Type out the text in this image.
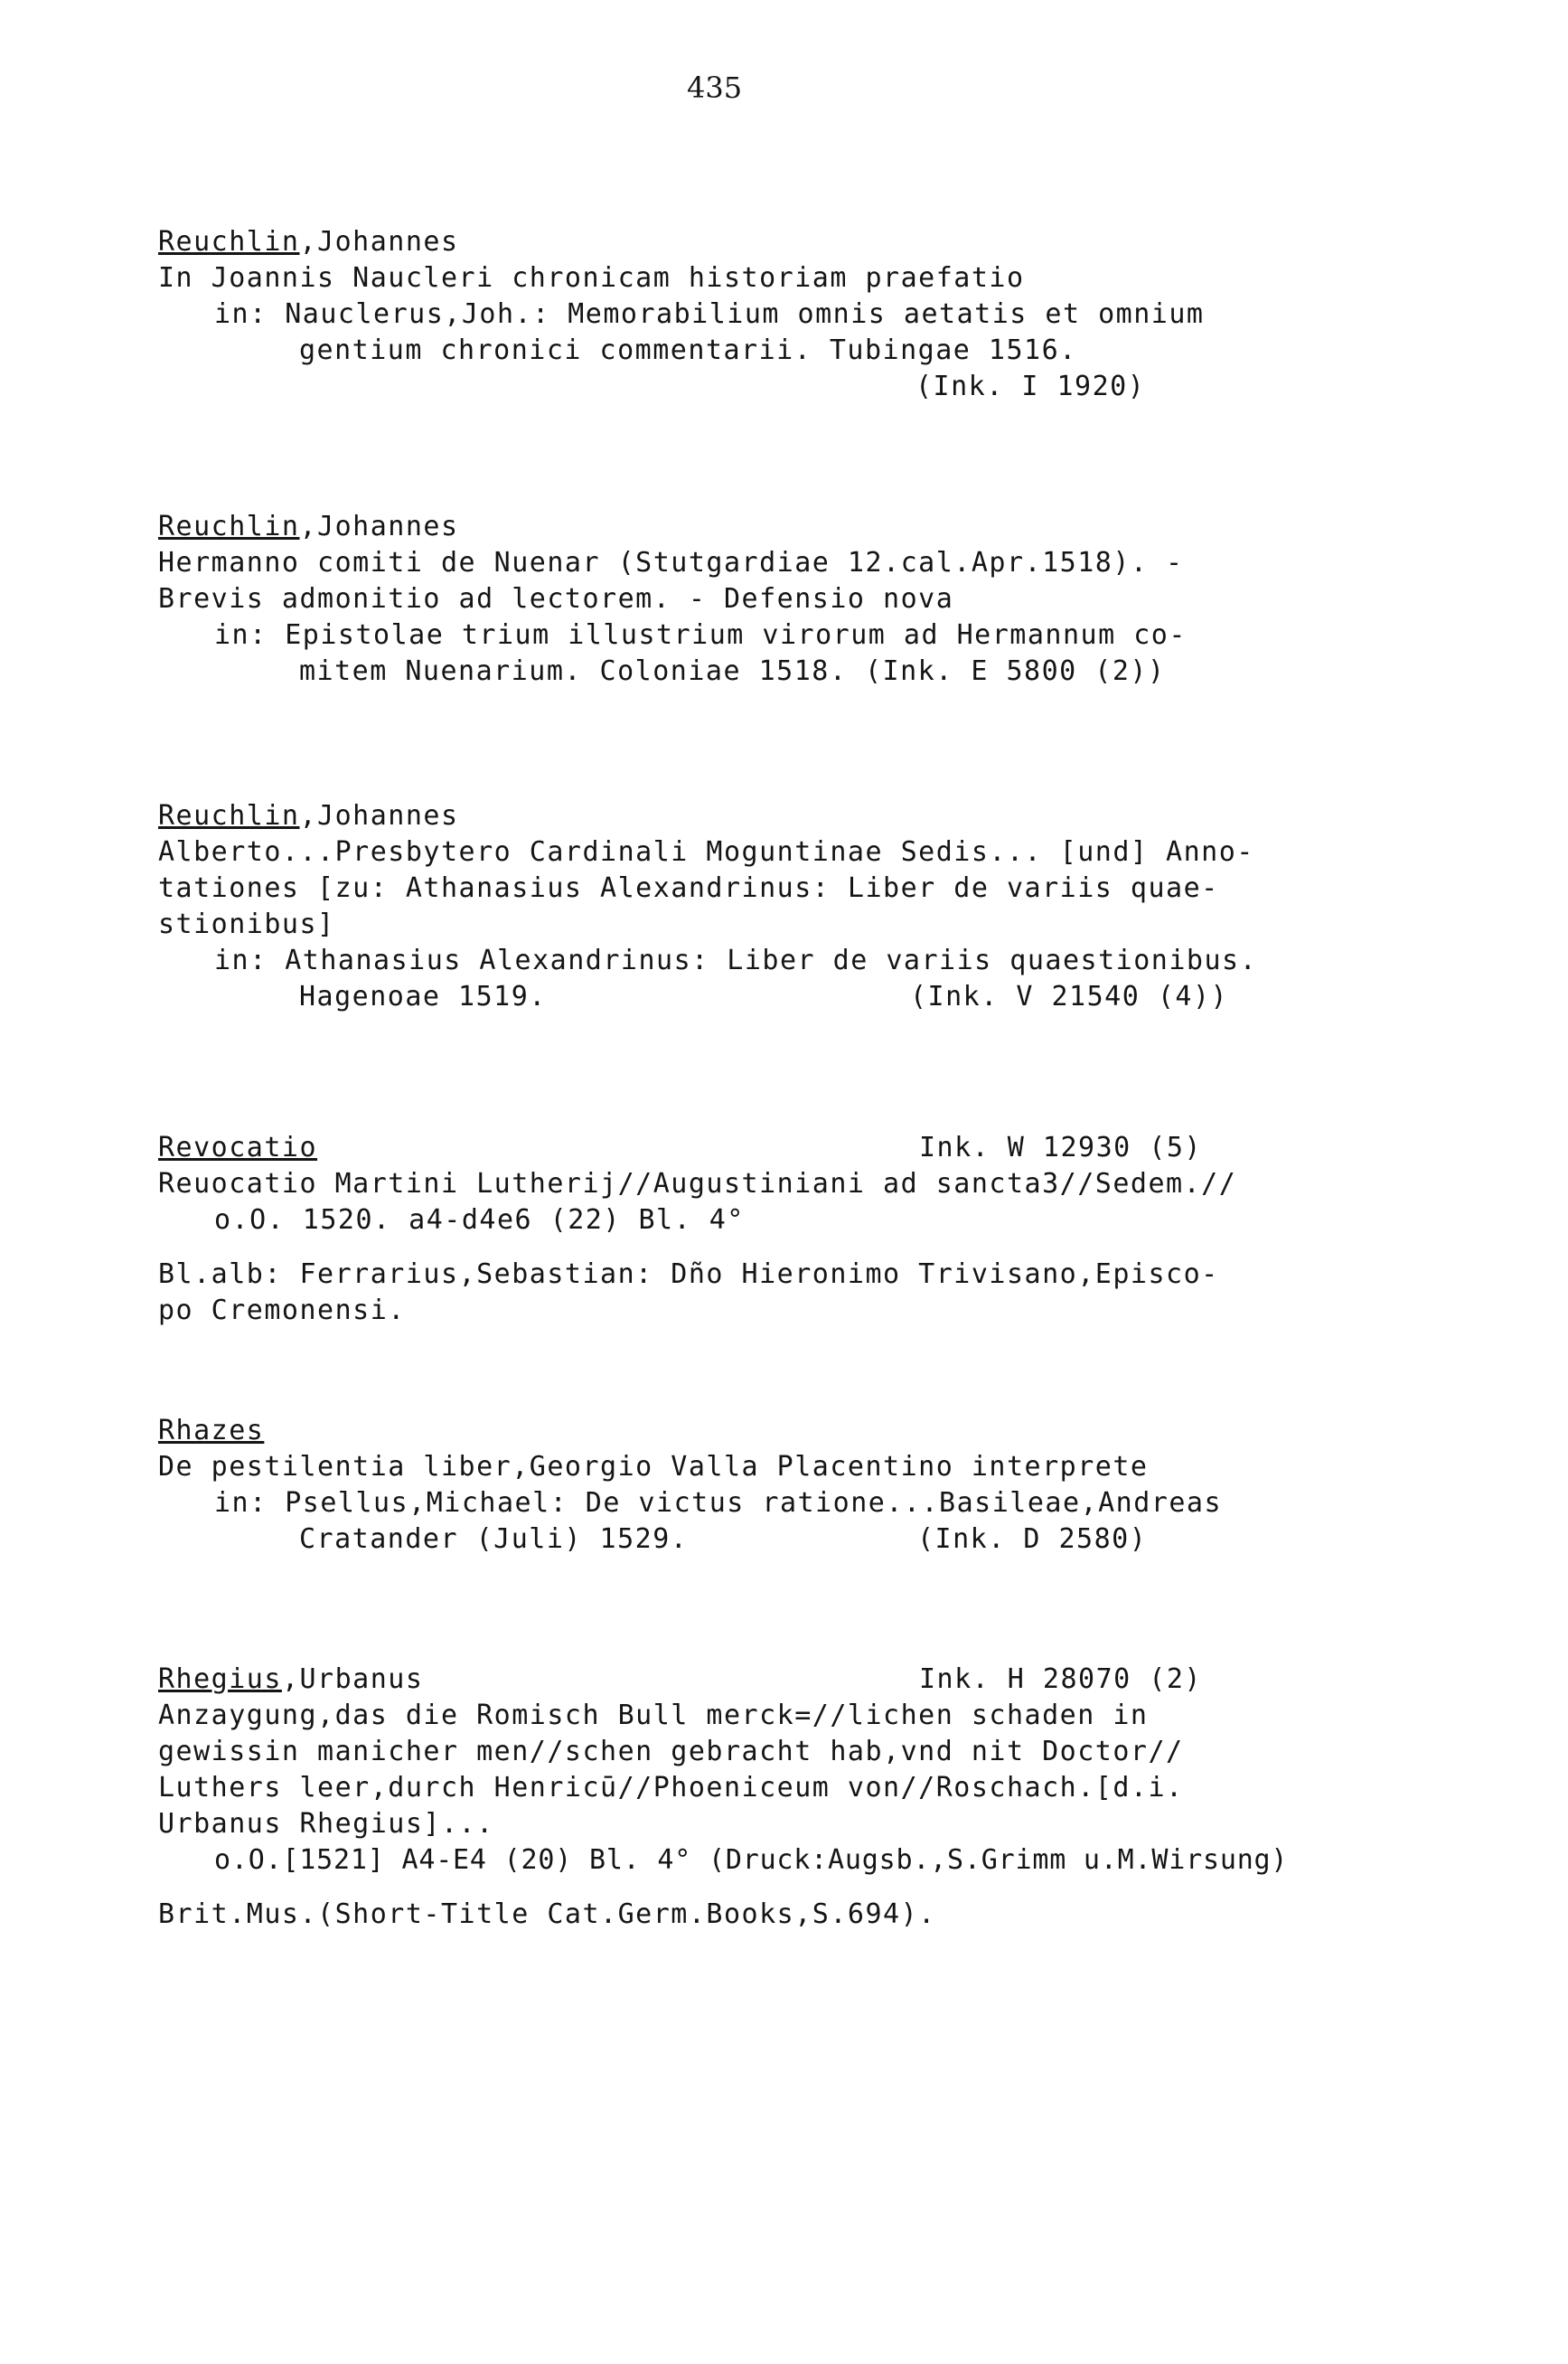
435
Reuchlin,Johannes
In Joannis Naucleri chronicam historiam praefatio
in: Nauclerus,Joh.: Memorabilium omnis aetatis et omnium
gentium chronici commentarii. Tubingae 1516.
(Ink. I 1920)
Reuchlin,Johannes
Hermanno comiti de Nuenar (Stutgardiae 12.cal.Apr.1518). -
Brevis admonitio ad lectorem. - Defensio nova
in: Epistolae trium illustrium virorum ad Hermannum co-
mitem Nuenarium. Coloniae 1518. (Ink. E 5800 (2))
Reuchlin,Johannes
Alberto...Presbytero Cardinali Moguntinae Sedis... [und] Anno-
tationes [zu: Athanasius Alexandrinus: Liber de variis quae-
stionibus]
in: Athanasius Alexandrinus: Liber de variis quaestionibus.
Hagenoae 1519.	(Ink. V 21540 (4))
Revocatio	Ink. W 12930 (5)
Reuocatio Martini Lutherij//Augustiniani ad sancta3//Sedem.//
o.O. 1520. a4-d4e6 (22) Bl. 4°
Bl.alb: Ferrarius,Sebastian: Dño Hieronimo Trivisano,Episco-
po Cremonensi.
Rhazes
De pestilentia liber,Georgio Valla Placentino interprete
in: Psellus,Michael: De victus ratione...Basileae,Andreas
Cratander (Juli) 1529.	(Ink. D 2580)
Rhegius,Urbanus	Ink. H 28070 (2)
Anzaygung,das die Romisch Bull merck=//lichen schaden in
gewissin manicher men//schen gebracht hab,vnd nit Doctor//
Luthers leer,durch Henricū//Phoeniceum von//Roschach.[d.i.
Urbanus Rhegius]...
o.O.[1521] A4-E4 (20) Bl. 4° (Druck:Augsb.,S.Grimm u.M.Wirsung)
Brit.Mus.(Short-Title Cat.Germ.Books,S.694).
